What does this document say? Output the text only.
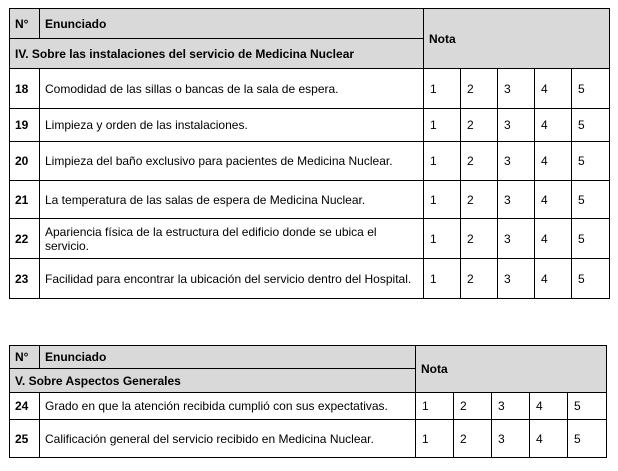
N°	Enunciado	Nota				
IV. Sobre las instalaciones del servicio de Medicina Nuclear						
18	Comodidad de las sillas o bancas de la sala de espera.	1	2	3	4	5
19	Limpieza y orden de las instalaciones.	1	2	3	4	5
20	Limpieza del baño exclusivo para pacientes de Medicina Nuclear.	1	2	3	4	5
21	La temperatura de las salas de espera de Medicina Nuclear.	1	2	3	4	5
22	Apariencia física de la estructura del edificio donde se ubica el servicio.	1	2	3	4	5
23	Facilidad para encontrar la ubicación del servicio dentro del Hospital.	1	2	3	4	5
N°	Enunciado	Nota				
V. Sobre Aspectos Generales						
24	Grado en que la atención recibida cumplió con sus expectativas.	1	2	3	4	5
25	Calificación general del servicio recibido en Medicina Nuclear.	1	2	3	4	5
